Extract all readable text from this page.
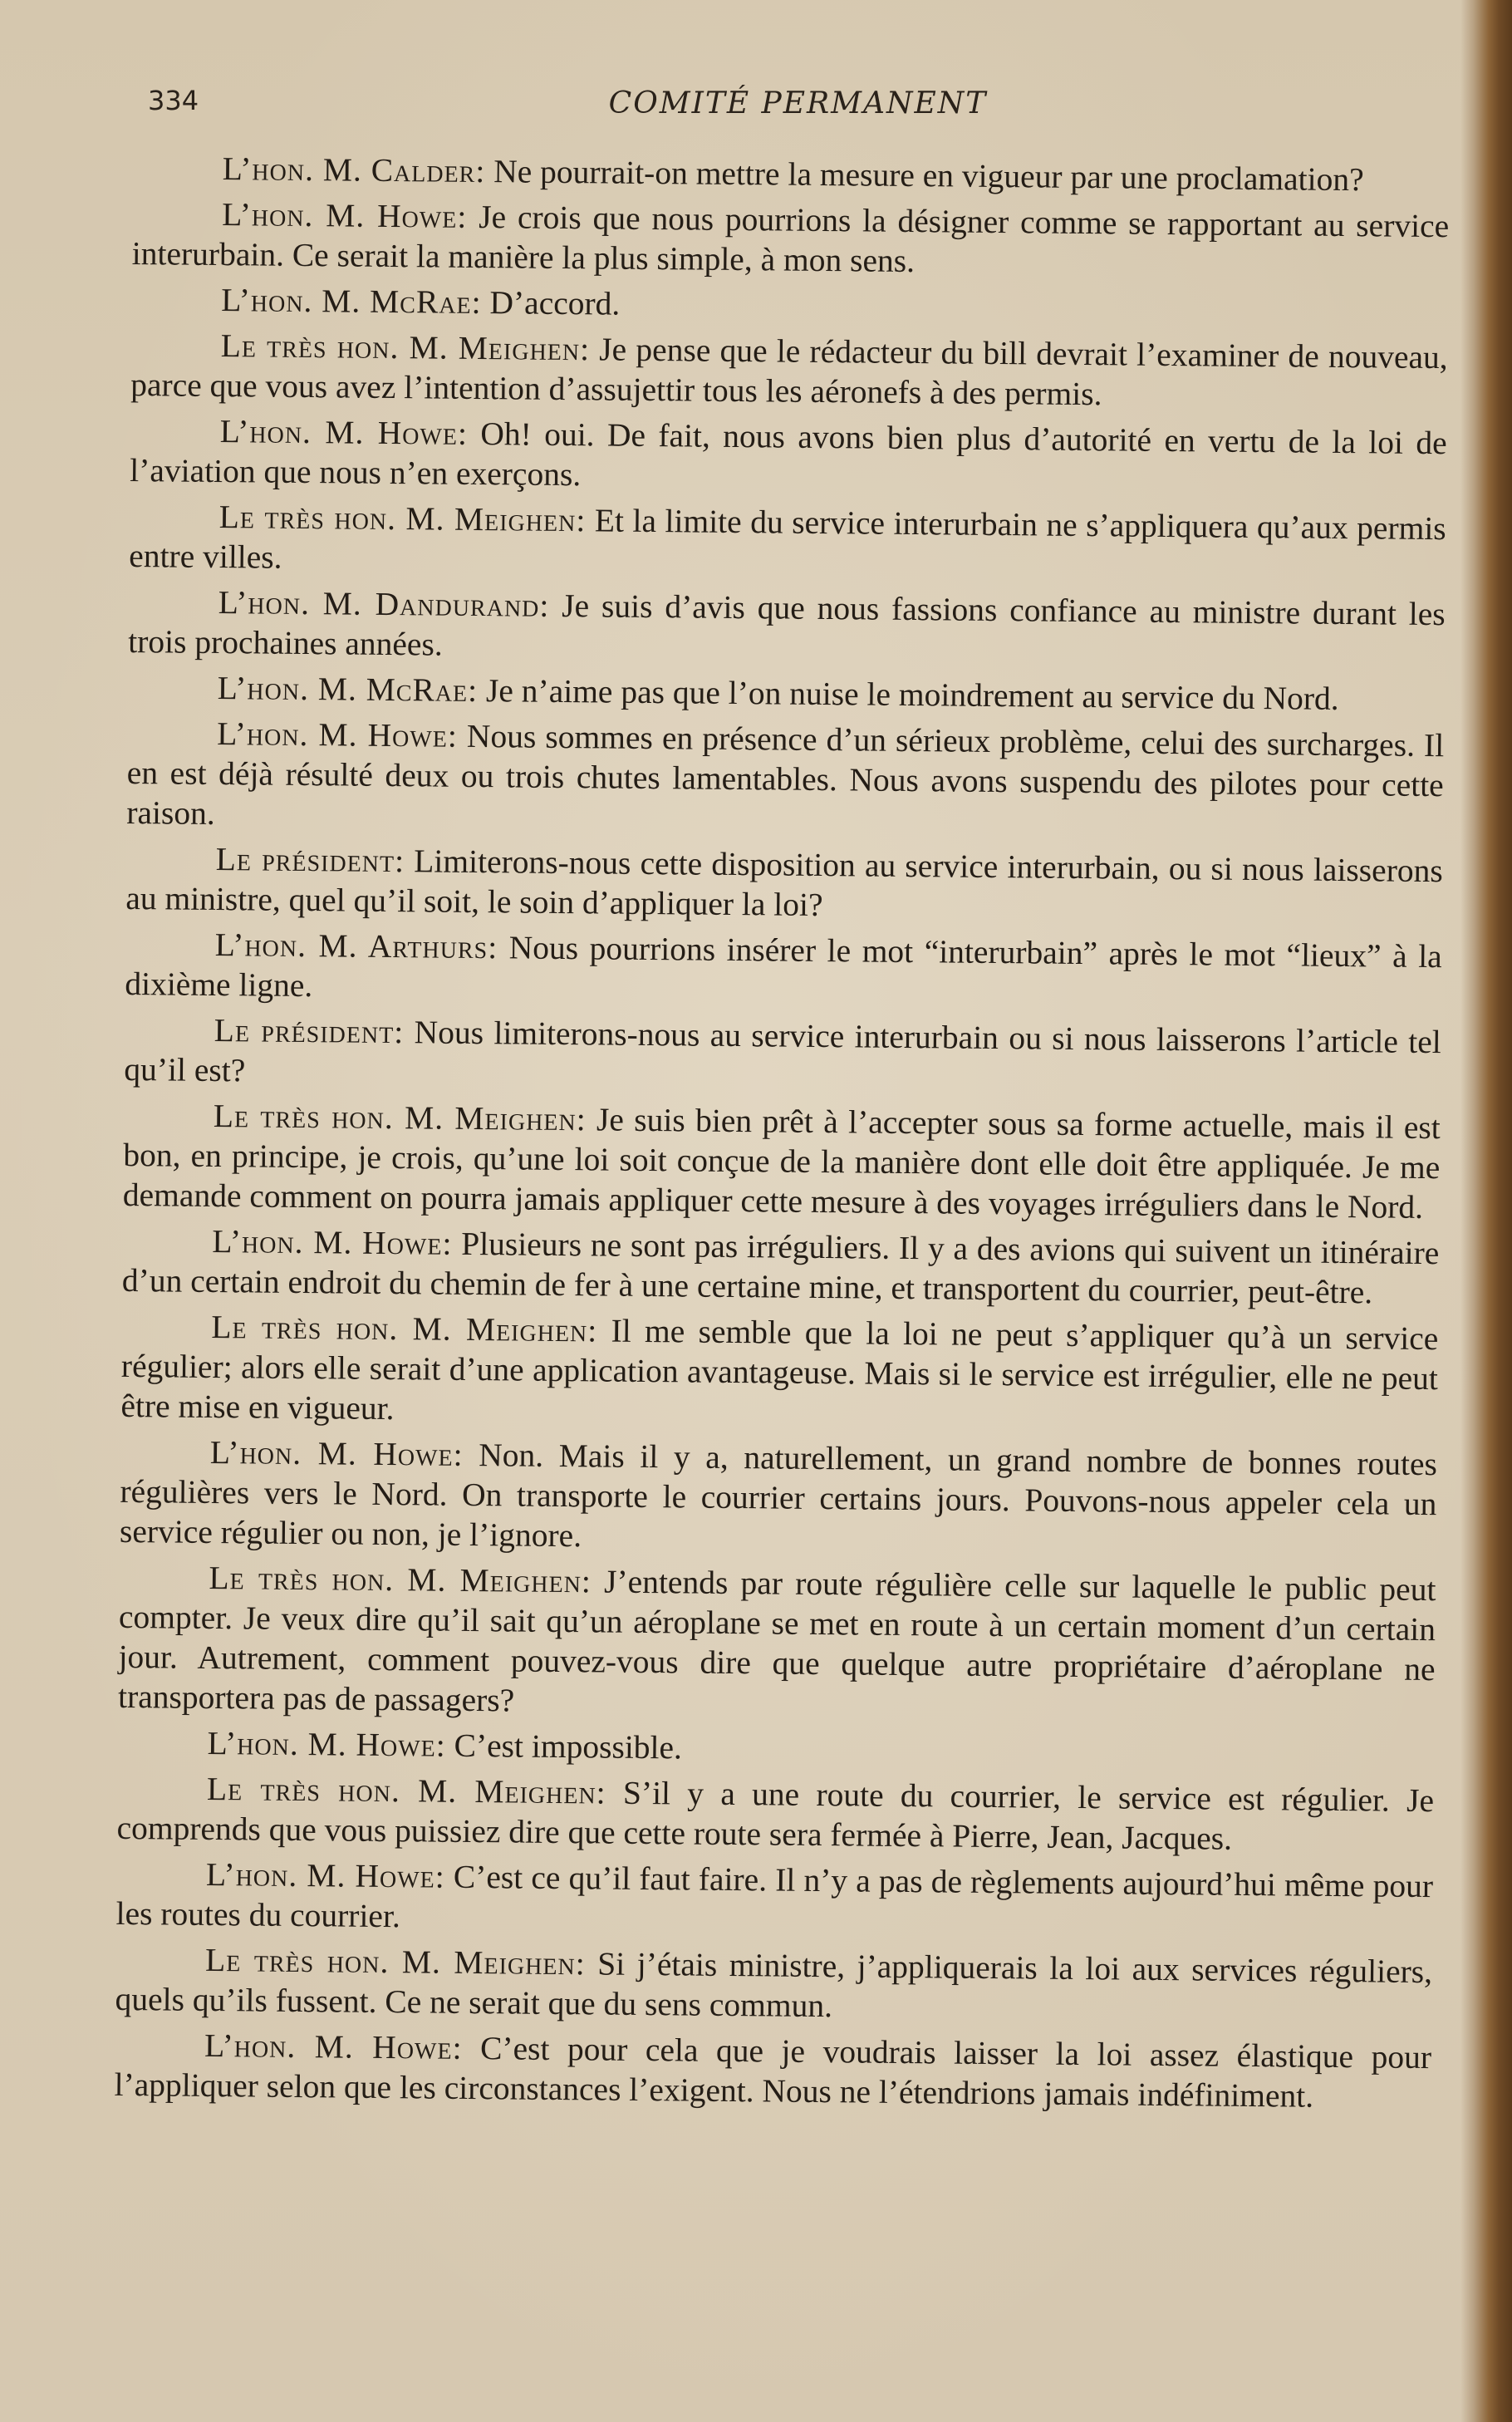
334	COMITÉ PERMANENT

L’hon. M. Calder: Ne pourrait-on mettre la mesure en vigueur par une proclamation?

L’hon. M. Howe: Je crois que nous pourrions la désigner comme se rapportant au service interurbain. Ce serait la manière la plus simple, à mon sens.

L’hon. M. McRae: D’accord.

Le très hon. M. Meighen: Je pense que le rédacteur du bill devrait l’examiner de nouveau, parce que vous avez l’intention d’assujettir tous les aéronefs à des permis.

L’hon. M. Howe: Oh! oui. De fait, nous avons bien plus d’autorité en vertu de la loi de l’aviation que nous n’en exerçons.

Le très hon. M. Meighen: Et la limite du service interurbain ne s’appliquera qu’aux permis entre villes.

L’hon. M. Dandurand: Je suis d’avis que nous fassions confiance au ministre durant les trois prochaines années.

L’hon. M. McRae: Je n’aime pas que l’on nuise le moindrement au service du Nord.

L’hon. M. Howe: Nous sommes en présence d’un sérieux problème, celui des surcharges. Il en est déjà résulté deux ou trois chutes lamentables. Nous avons suspendu des pilotes pour cette raison.

Le président: Limiterons-nous cette disposition au service interurbain, ou si nous laisserons au ministre, quel qu’il soit, le soin d’appliquer la loi?

L’hon. M. Arthurs: Nous pourrions insérer le mot “interurbain” après le mot “lieux” à la dixième ligne.

Le président: Nous limiterons-nous au service interurbain ou si nous laisserons l’article tel qu’il est?

Le très hon. M. Meighen: Je suis bien prêt à l’accepter sous sa forme actuelle, mais il est bon, en principe, je crois, qu’une loi soit conçue de la manière dont elle doit être appliquée. Je me demande comment on pourra jamais appliquer cette mesure à des voyages irréguliers dans le Nord.

L’hon. M. Howe: Plusieurs ne sont pas irréguliers. Il y a des avions qui suivent un itinéraire d’un certain endroit du chemin de fer à une certaine mine, et transportent du courrier, peut-être.

Le très hon. M. Meighen: Il me semble que la loi ne peut s’appliquer qu’à un service régulier; alors elle serait d’une application avantageuse. Mais si le service est irrégulier, elle ne peut être mise en vigueur.

L’hon. M. Howe: Non. Mais il y a, naturellement, un grand nombre de bonnes routes régulières vers le Nord. On transporte le courrier certains jours. Pouvons-nous appeler cela un service régulier ou non, je l’ignore.

Le très hon. M. Meighen: J’entends par route régulière celle sur laquelle le public peut compter. Je veux dire qu’il sait qu’un aéroplane se met en route à un certain moment d’un certain jour. Autrement, comment pouvez-vous dire que quelque autre propriétaire d’aéroplane ne transportera pas de passagers?

L’hon. M. Howe: C’est impossible.

Le très hon. M. Meighen: S’il y a une route du courrier, le service est régulier. Je comprends que vous puissiez dire que cette route sera fermée à Pierre, Jean, Jacques.

L’hon. M. Howe: C’est ce qu’il faut faire. Il n’y a pas de règlements aujourd’hui même pour les routes du courrier.

Le très hon. M. Meighen: Si j’étais ministre, j’appliquerais la loi aux services réguliers, quels qu’ils fussent. Ce ne serait que du sens commun.

L’hon. M. Howe: C’est pour cela que je voudrais laisser la loi assez élastique pour l’appliquer selon que les circonstances l’exigent. Nous ne l’étendrions jamais indéfiniment.
